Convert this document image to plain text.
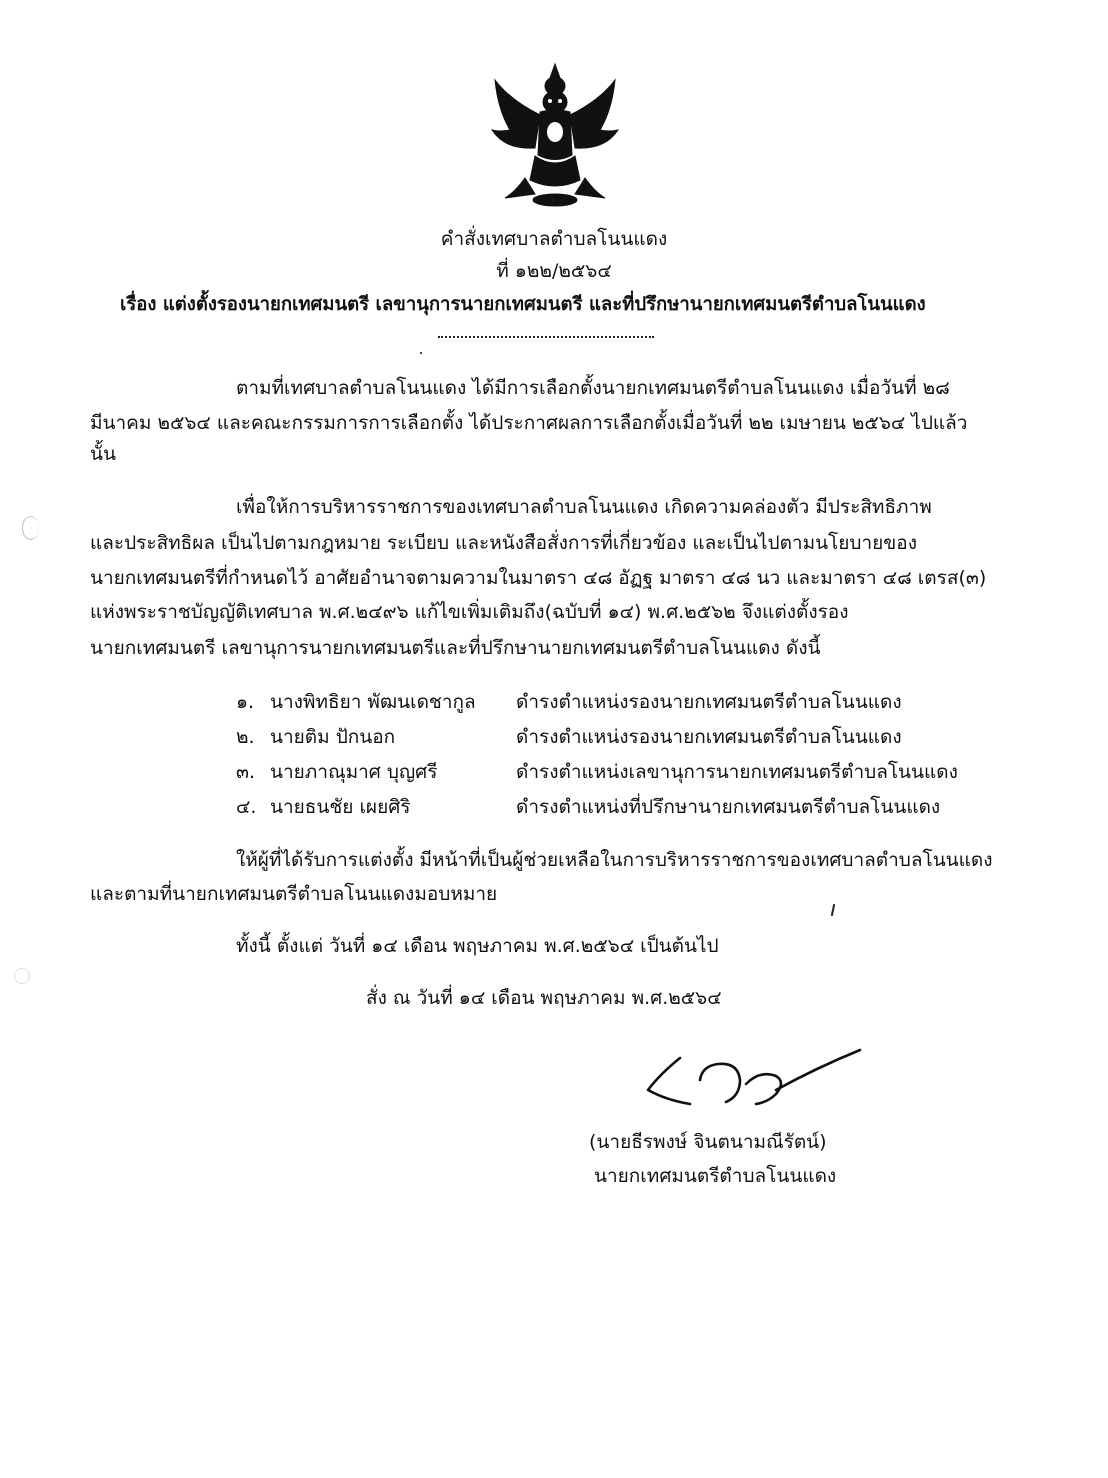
คำสั่งเทศบาลตำบลโนนแดง
ที่ ๑๒๒/๒๕๖๔
เรื่อง แต่งตั้งรองนายกเทศมนตรี เลขานุการนายกเทศมนตรี และที่ปรึกษานายกเทศมนตรีตำบลโนนแดง
ตามที่เทศบาลตำบลโนนแดง ได้มีการเลือกตั้งนายกเทศมนตรีตำบลโนนแดง เมื่อวันที่ ๒๘
มีนาคม ๒๕๖๔ และคณะกรรมการการเลือกตั้ง ได้ประกาศผลการเลือกตั้งเมื่อวันที่ ๒๒ เมษายน ๒๕๖๔ ไปแล้ว
นั้น
เพื่อให้การบริหารราชการของเทศบาลตำบลโนนแดง เกิดความคล่องตัว มีประสิทธิภาพ
และประสิทธิผล เป็นไปตามกฎหมาย ระเบียบ และหนังสือสั่งการที่เกี่ยวข้อง และเป็นไปตามนโยบายของ
นายกเทศมนตรีที่กำหนดไว้ อาศัยอำนาจตามความในมาตรา ๔๘ อัฏฐ มาตรา ๔๘ นว และมาตรา ๔๘ เตรส(๓)
แห่งพระราชบัญญัติเทศบาล พ.ศ.๒๔๙๖ แก้ไขเพิ่มเติมถึง(ฉบับที่ ๑๔) พ.ศ.๒๕๖๒ จึงแต่งตั้งรอง
นายกเทศมนตรี เลขานุการนายกเทศมนตรีและที่ปรึกษานายกเทศมนตรีตำบลโนนแดง ดังนี้
๑. นางพิทธิยา พัฒนเดชากูล ดำรงตำแหน่งรองนายกเทศมนตรีตำบลโนนแดง
๒. นายติม ปักนอก	ดำรงตำแหน่งรองนายกเทศมนตรีตำบลโนนแดง
๓. นายภาณุมาศ บุญศรี	ดำรงตำแหน่งเลขานุการนายกเทศมนตรีตำบลโนนแดง
๔. นายธนชัย เผยศิริ	ดำรงตำแหน่งที่ปรึกษานายกเทศมนตรีตำบลโนนแดง
ให้ผู้ที่ได้รับการแต่งตั้ง มีหน้าที่เป็นผู้ช่วยเหลือในการบริหารราชการของเทศบาลตำบลโนนแดง
และตามที่นายกเทศมนตรีตำบลโนนแดงมอบหมาย
ทั้งนี้ ตั้งแต่ วันที่ ๑๔ เดือน พฤษภาคม พ.ศ.๒๕๖๔ เป็นต้นไป
สั่ง ณ วันที่ ๑๔ เดือน พฤษภาคม พ.ศ.๒๕๖๔
(นายธีรพงษ์ จินตนามณีรัตน์)
นายกเทศมนตรีตำบลโนนแดง
